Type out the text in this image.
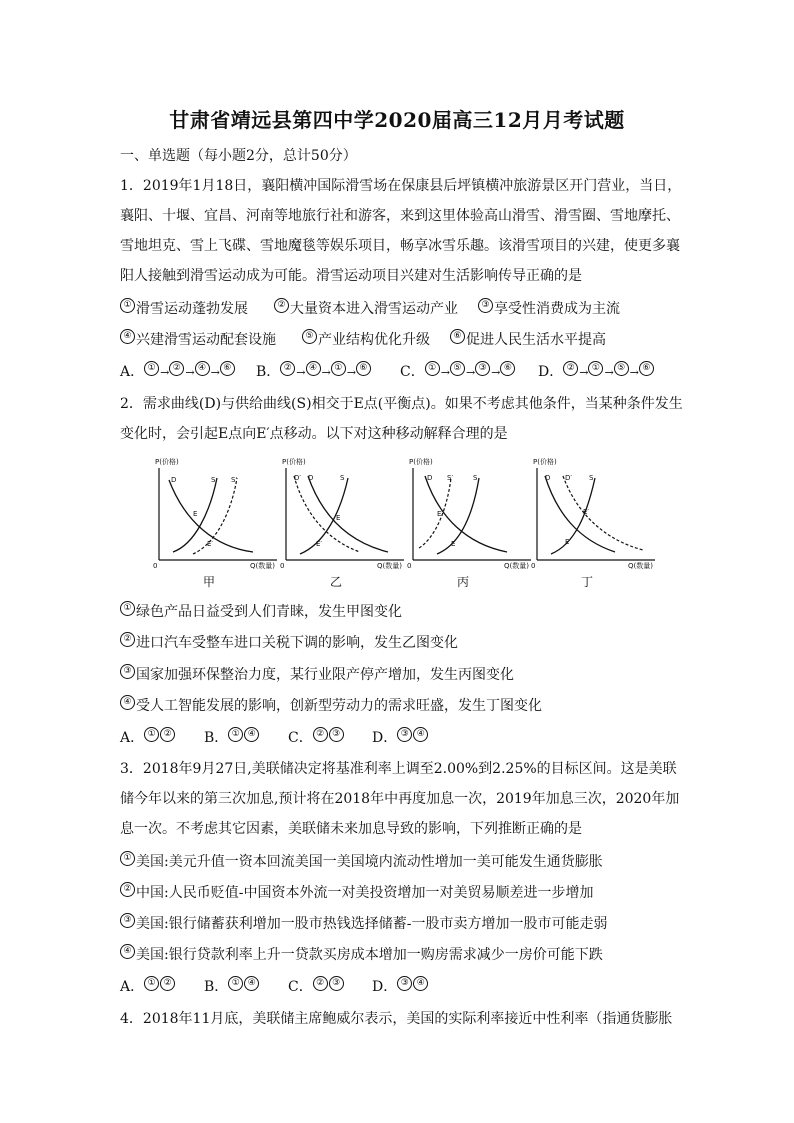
甘肃省靖远县第四中学2020届高三12月月考试题
一、单选题（每小题2分，总计50分）
1．2019年1月18日，襄阳横冲国际滑雪场在保康县后坪镇横冲旅游景区开门营业，当日，
襄阳、十堰、宜昌、河南等地旅行社和游客，来到这里体验高山滑雪、滑雪圈、雪地摩托、
雪地坦克、雪上飞碟、雪地魔毯等娱乐项目，畅享冰雪乐趣。该滑雪项目的兴建，使更多襄
阳人接触到滑雪运动成为可能。滑雪运动项目兴建对生活影响传导正确的是
① 滑雪运动蓬勃发展	② 大量资本进入滑雪运动产业	③ 享受性消费成为主流
④ 兴建滑雪运动配套设施	⑤ 产业结构优化升级	⑥ 促进人民生活水平提高
A． ① → ② → ④ → ⑥	B． ② → ④ → ① → ⑥	C． ① → ⑤ → ③ → ⑥	D． ② → ① → ⑤ → ⑥
2．需求曲线(D)与供给曲线(S)相交于E点(平衡点)。如果不考虑其他条件，当某种条件发生
变化时，会引起E点向E′点移动。以下对这种移动解释合理的是
P(价格)
0	Q(数量)
D	S S′
E
E′
甲
P(价格)
0	Q(数量)
D′ D	S
E
E′
乙
P(价格)
0	Q(数量)
D S′	S
E′
E
丙
P(价格)
0	Q(数量)
D D′ S
E′
E
丁
① 绿色产品日益受到人们青睐，发生甲图变化
② 进口汽车受整车进口关税下调的影响，发生乙图变化
③ 国家加强环保整治力度，某行业限产停产增加，发生丙图变化
④ 受人工智能发展的影响，创新型劳动力的需求旺盛，发生丁图变化
A． ① ②	B． ① ④	C． ② ③	D． ③ ④
3．2018年9月27日,美联储决定将基准利率上调至2.00%到2.25%的目标区间。这是美联
储今年以来的第三次加息,预计将在2018年中再度加息一次，2019年加息三次，2020年加
息一次。不考虑其它因素，美联储未来加息导致的影响，下列推断正确的是
① 美国:美元升值一资本回流美国一美国境内流动性增加一美可能发生通货膨胀
② 中国:人民币贬值-中国资本外流一对美投资增加一对美贸易顺差进一步增加
③ 美国:银行储蓄获利增加一股市热钱选择储蓄-一股市卖方增加一股市可能走弱
④ 美国:银行贷款利率上升一贷款买房成本增加一购房需求减少一房价可能下跌
A． ① ②	B． ① ④	C． ② ③	D． ③ ④
4．2018年11月底，美联储主席鲍威尔表示，美国的实际利率接近中性利率（指通货膨胀
